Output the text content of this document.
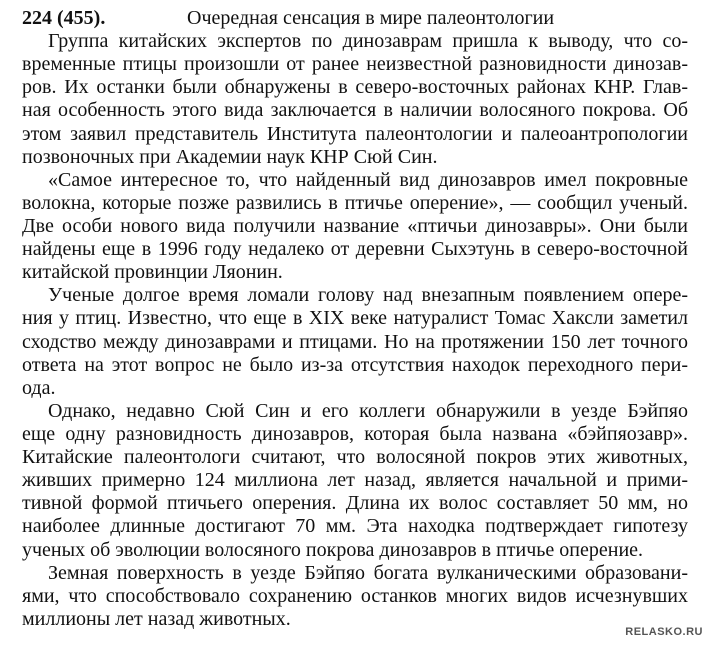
224 (455).	Очередная сенсация в мире палеонтологии
Группа китайских экспертов по динозаврам пришла к выводу, что со-
временные птицы произошли от ранее неизвестной разновидности динозав-
ров. Их останки были обнаружены в северо-восточных районах КНР. Глав-
ная особенность этого вида заключается в наличии волосяного покрова. Об
этом заявил представитель Института палеонтологии и палеоантропологии
позвоночных при Академии наук КНР Сюй Син.
«Самое интересное то, что найденный вид динозавров имел покровные
волокна, которые позже развились в птичье оперение», — сообщил ученый.
Две особи нового вида получили название «птичьи динозавры». Они были
найдены еще в 1996 году недалеко от деревни Сыхэтунь в северо-восточной
китайской провинции Ляонин.
Ученые долгое время ломали голову над внезапным появлением опере-
ния у птиц. Известно, что еще в XIX веке натуралист Томас Хаксли заметил
сходство между динозаврами и птицами. Но на протяжении 150 лет точного
ответа на этот вопрос не было из-за отсутствия находок переходного пери-
ода.
Однако, недавно Сюй Син и его коллеги обнаружили в уезде Бэйпяо
еще одну разновидность динозавров, которая была названа «бэйпяозавр».
Китайские палеонтологи считают, что волосяной покров этих животных,
живших примерно 124 миллиона лет назад, является начальной и прими-
тивной формой птичьего оперения. Длина их волос составляет 50 мм, но
наиболее длинные достигают 70 мм. Эта находка подтверждает гипотезу
ученых об эволюции волосяного покрова динозавров в птичье оперение.
Земная поверхность в уезде Бэйпяо богата вулканическими образовани-
ями, что способствовало сохранению останков многих видов исчезнувших
миллионы лет назад животных.
RELASKO.RU
